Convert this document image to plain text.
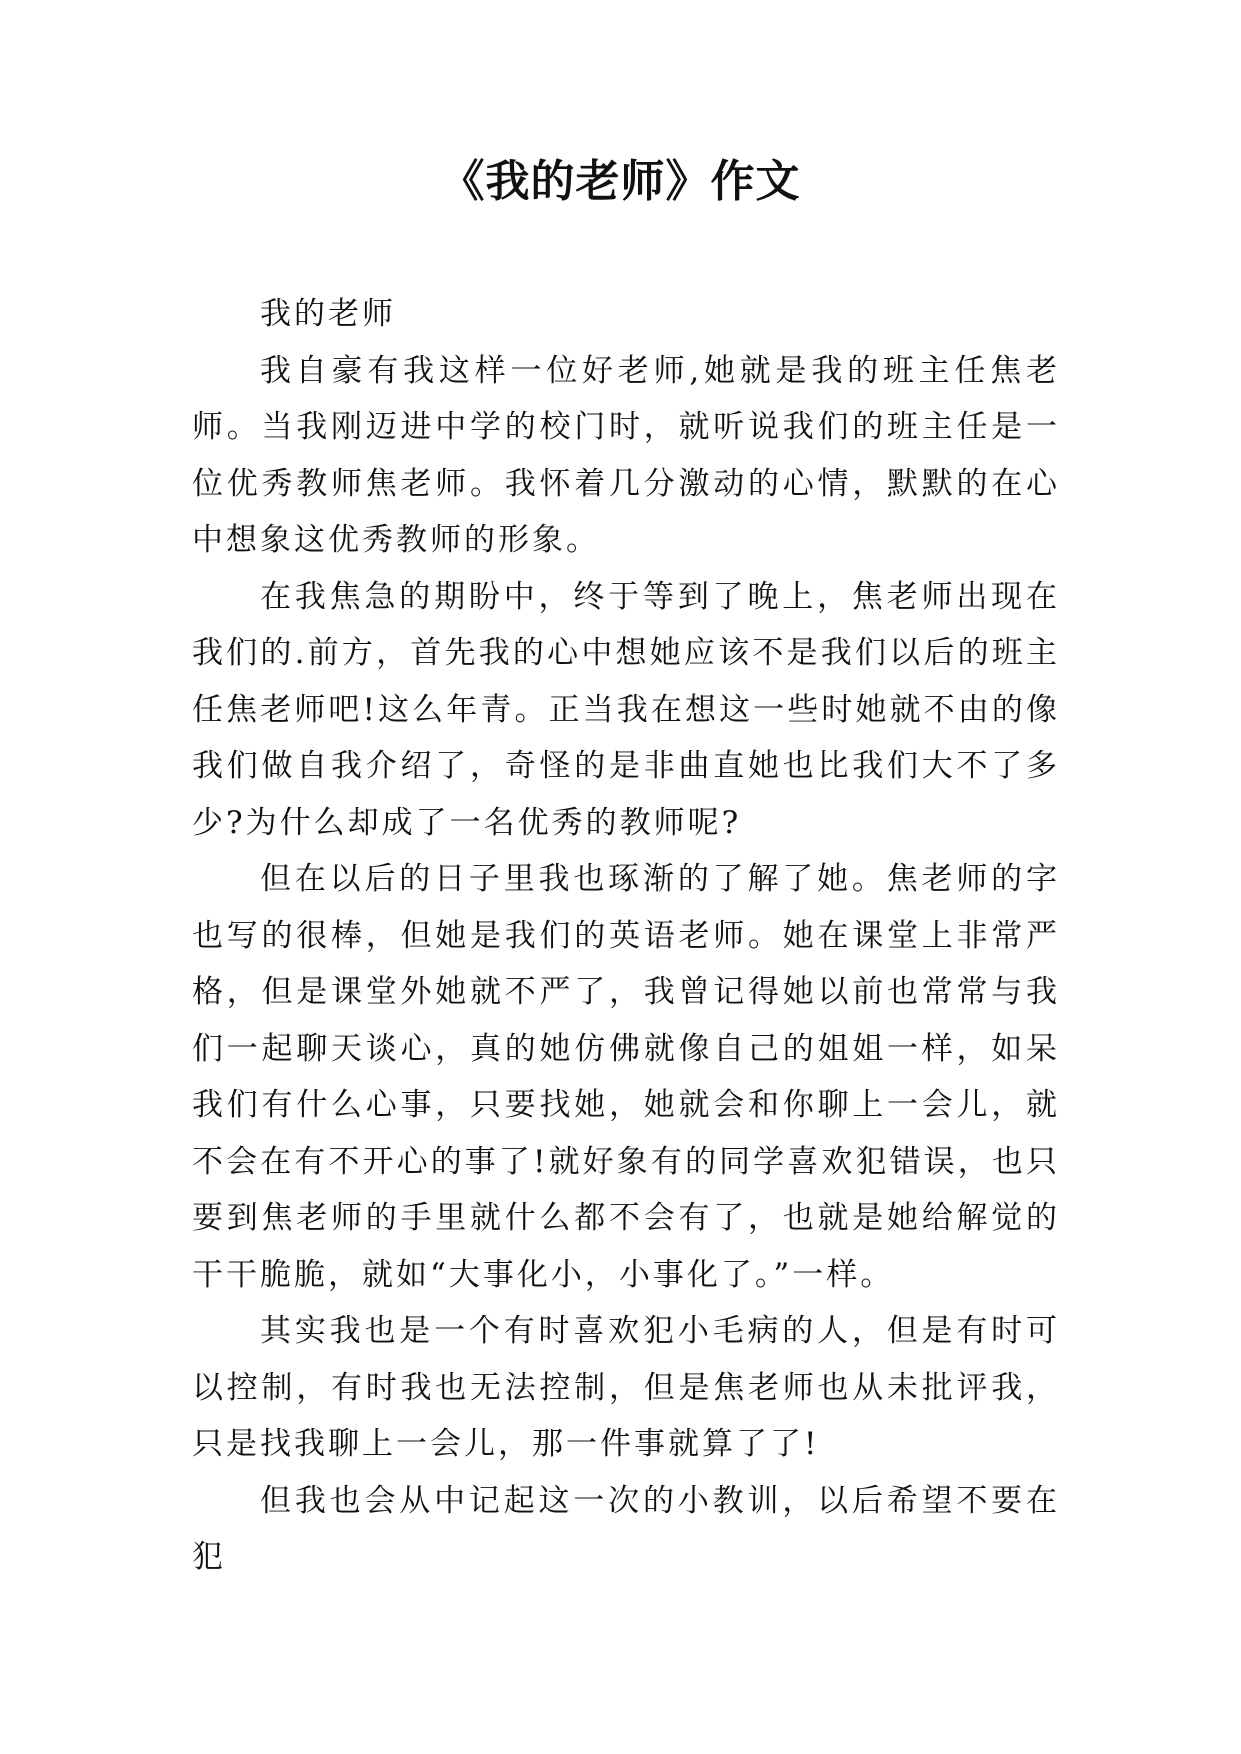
《我的老师》作文

我的老师

我自豪有我这样一位好老师,她就是我的班主任焦老师。当我刚迈进中学的校门时，就听说我们的班主任是一位优秀教师焦老师。我怀着几分激动的心情，默默的在心中想象这优秀教师的形象。

在我焦急的期盼中，终于等到了晚上，焦老师出现在我们的.前方，首先我的心中想她应该不是我们以后的班主任焦老师吧!这么年青。正当我在想这一些时她就不由的像我们做自我介绍了，奇怪的是非曲直她也比我们大不了多少?为什么却成了一名优秀的教师呢?

但在以后的日子里我也琢渐的了解了她。焦老师的字也写的很棒，但她是我们的英语老师。她在课堂上非常严格，但是课堂外她就不严了，我曾记得她以前也常常与我们一起聊天谈心，真的她仿佛就像自己的姐姐一样，如呆我们有什么心事，只要找她，她就会和你聊上一会儿，就不会在有不开心的事了!就好象有的同学喜欢犯错误，也只要到焦老师的手里就什么都不会有了，也就是她给解觉的干干脆脆，就如“大事化小，小事化了。”一样。

其实我也是一个有时喜欢犯小毛病的人，但是有时可以控制，有时我也无法控制，但是焦老师也从未批评我，只是找我聊上一会儿，那一件事就算了了!

但我也会从中记起这一次的小教训，以后希望不要在犯
